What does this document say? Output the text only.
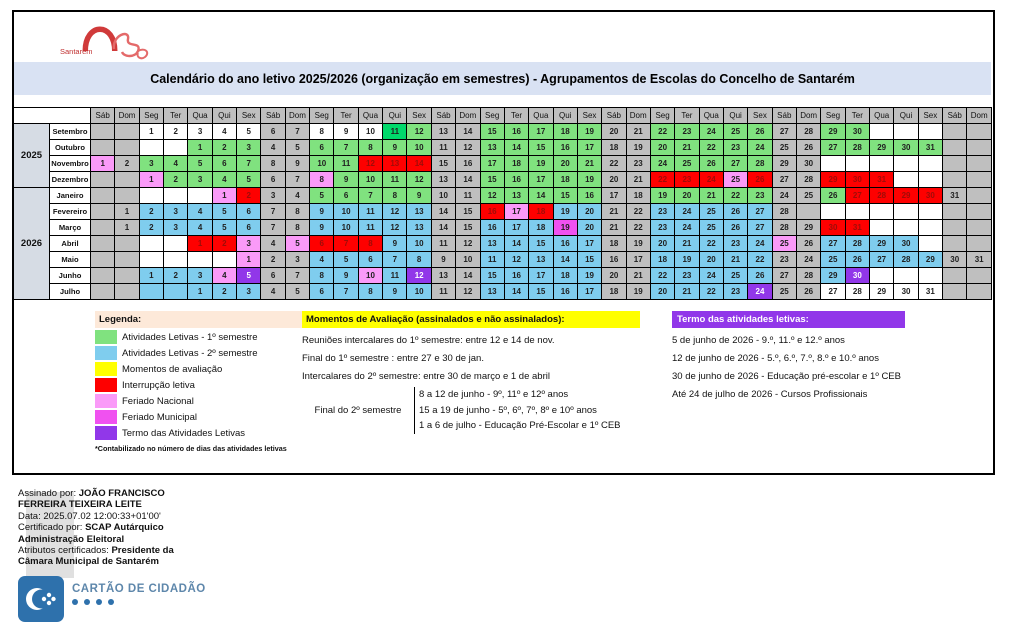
Santarém
Calendário do ano letivo 2025/2026 (organização em semestres) - Agrupamentos de Escolas do Concelho de Santarém
		Sáb	Dom	Seg	Ter	Qua	Qui	Sex	Sáb	Dom	Seg	Ter	Qua	Qui	Sex	Sáb	Dom	Seg	Ter	Qua	Qui	Sex	Sáb	Dom	Seg	Ter	Qua	Qui	Sex	Sáb	Dom	Seg	Ter	Qua	Qui	Sex	Sáb	Dom
2025	Setembro			1	2	3	4	5	6	7	8	9	10	11	12	13	14	15	16	17	18	19	20	21	22	23	24	25	26	27	28	29	30					
	Outubro					1	2	3	4	5	6	7	8	9	10	11	12	13	14	15	16	17	18	19	20	21	22	23	24	25	26	27	28	29	30	31		
	Novembro	1	2	3	4	5	6	7	8	9	10	11	12	13	14	15	16	17	18	19	20	21	22	23	24	25	26	27	28	29	30							
	Dezembro			1	2	3	4	5	6	7	8	9	10	11	12	13	14	15	16	17	18	19	20	21	22	23	24	25	26	27	28	29	30	31				
2026	Janeiro						1	2	3	4	5	6	7	8	9	10	11	12	13	14	15	16	17	18	19	20	21	22	23	24	25	26	27	28	29	30	31	
	Fevereiro		1	2	3	4	5	6	7	8	9	10	11	12	13	14	15	16	17	18	19	20	21	22	23	24	25	26	27	28								
	Março		1	2	3	4	5	6	7	8	9	10	11	12	13	14	15	16	17	18	19	20	21	22	23	24	25	26	27	28	29	30	31					
	Abril					1	2	3	4	5	6	7	8	9	10	11	12	13	14	15	16	17	18	19	20	21	22	23	24	25	26	27	28	29	30			
	Maio							1	2	3	4	5	6	7	8	9	10	11	12	13	14	15	16	17	18	19	20	21	22	23	24	25	26	27	28	29	30	31
	Junho			1	2	3	4	5	6	7	8	9	10	11	12	13	14	15	16	17	18	19	20	21	22	23	24	25	26	27	28	29	30					
	Julho					1	2	3	4	5	6	7	8	9	10	11	12	13	14	15	16	17	18	19	20	21	22	23	24	25	26	27	28	29	30	31		
Legenda:
Atividades Letivas - 1º semestre
Atividades Letivas - 2º semestre
Momentos de avaliação
Interrupção letiva
Feriado Nacional
Feriado Municipal
Termo das Atividades Letivas
*Contabilizado no número de dias das atividades letivas
Momentos de Avaliação (assinalados e não assinalados):
Reuniões intercalares do 1º semestre: entre 12 e 14 de nov.
Final do 1º semestre : entre 27 e 30 de jan.
Intercalares do 2º semestre: entre 30 de março e 1 de abril
Final do 2º semestre
8 a 12 de junho - 9º, 11º e 12º anos
15 a 19 de junho - 5º, 6º, 7º, 8º e 10º anos
1 a 6 de julho - Educação Pré-Escolar e 1º CEB
Termo das atividades letivas:
5 de junho de 2026 - 9.º, 11.º e 12.º anos
12 de junho de 2026 - 5.º, 6.º, 7.º, 8.º e 10.º anos
30 de junho de 2026 - Educação pré-escolar e 1º CEB
Até 24 de julho de 2026 - Cursos Profissionais
Assinado por: JOÃO FRANCISCO FERREIRA TEIXEIRA LEITE
Data: 2025.07.02 12:00:33+01'00'
Certificado por: SCAP Autárquico Administração Eleitoral
Atributos certificados: Presidente da Câmara Municipal de Santarém
CARTÃO DE CIDADÃO
